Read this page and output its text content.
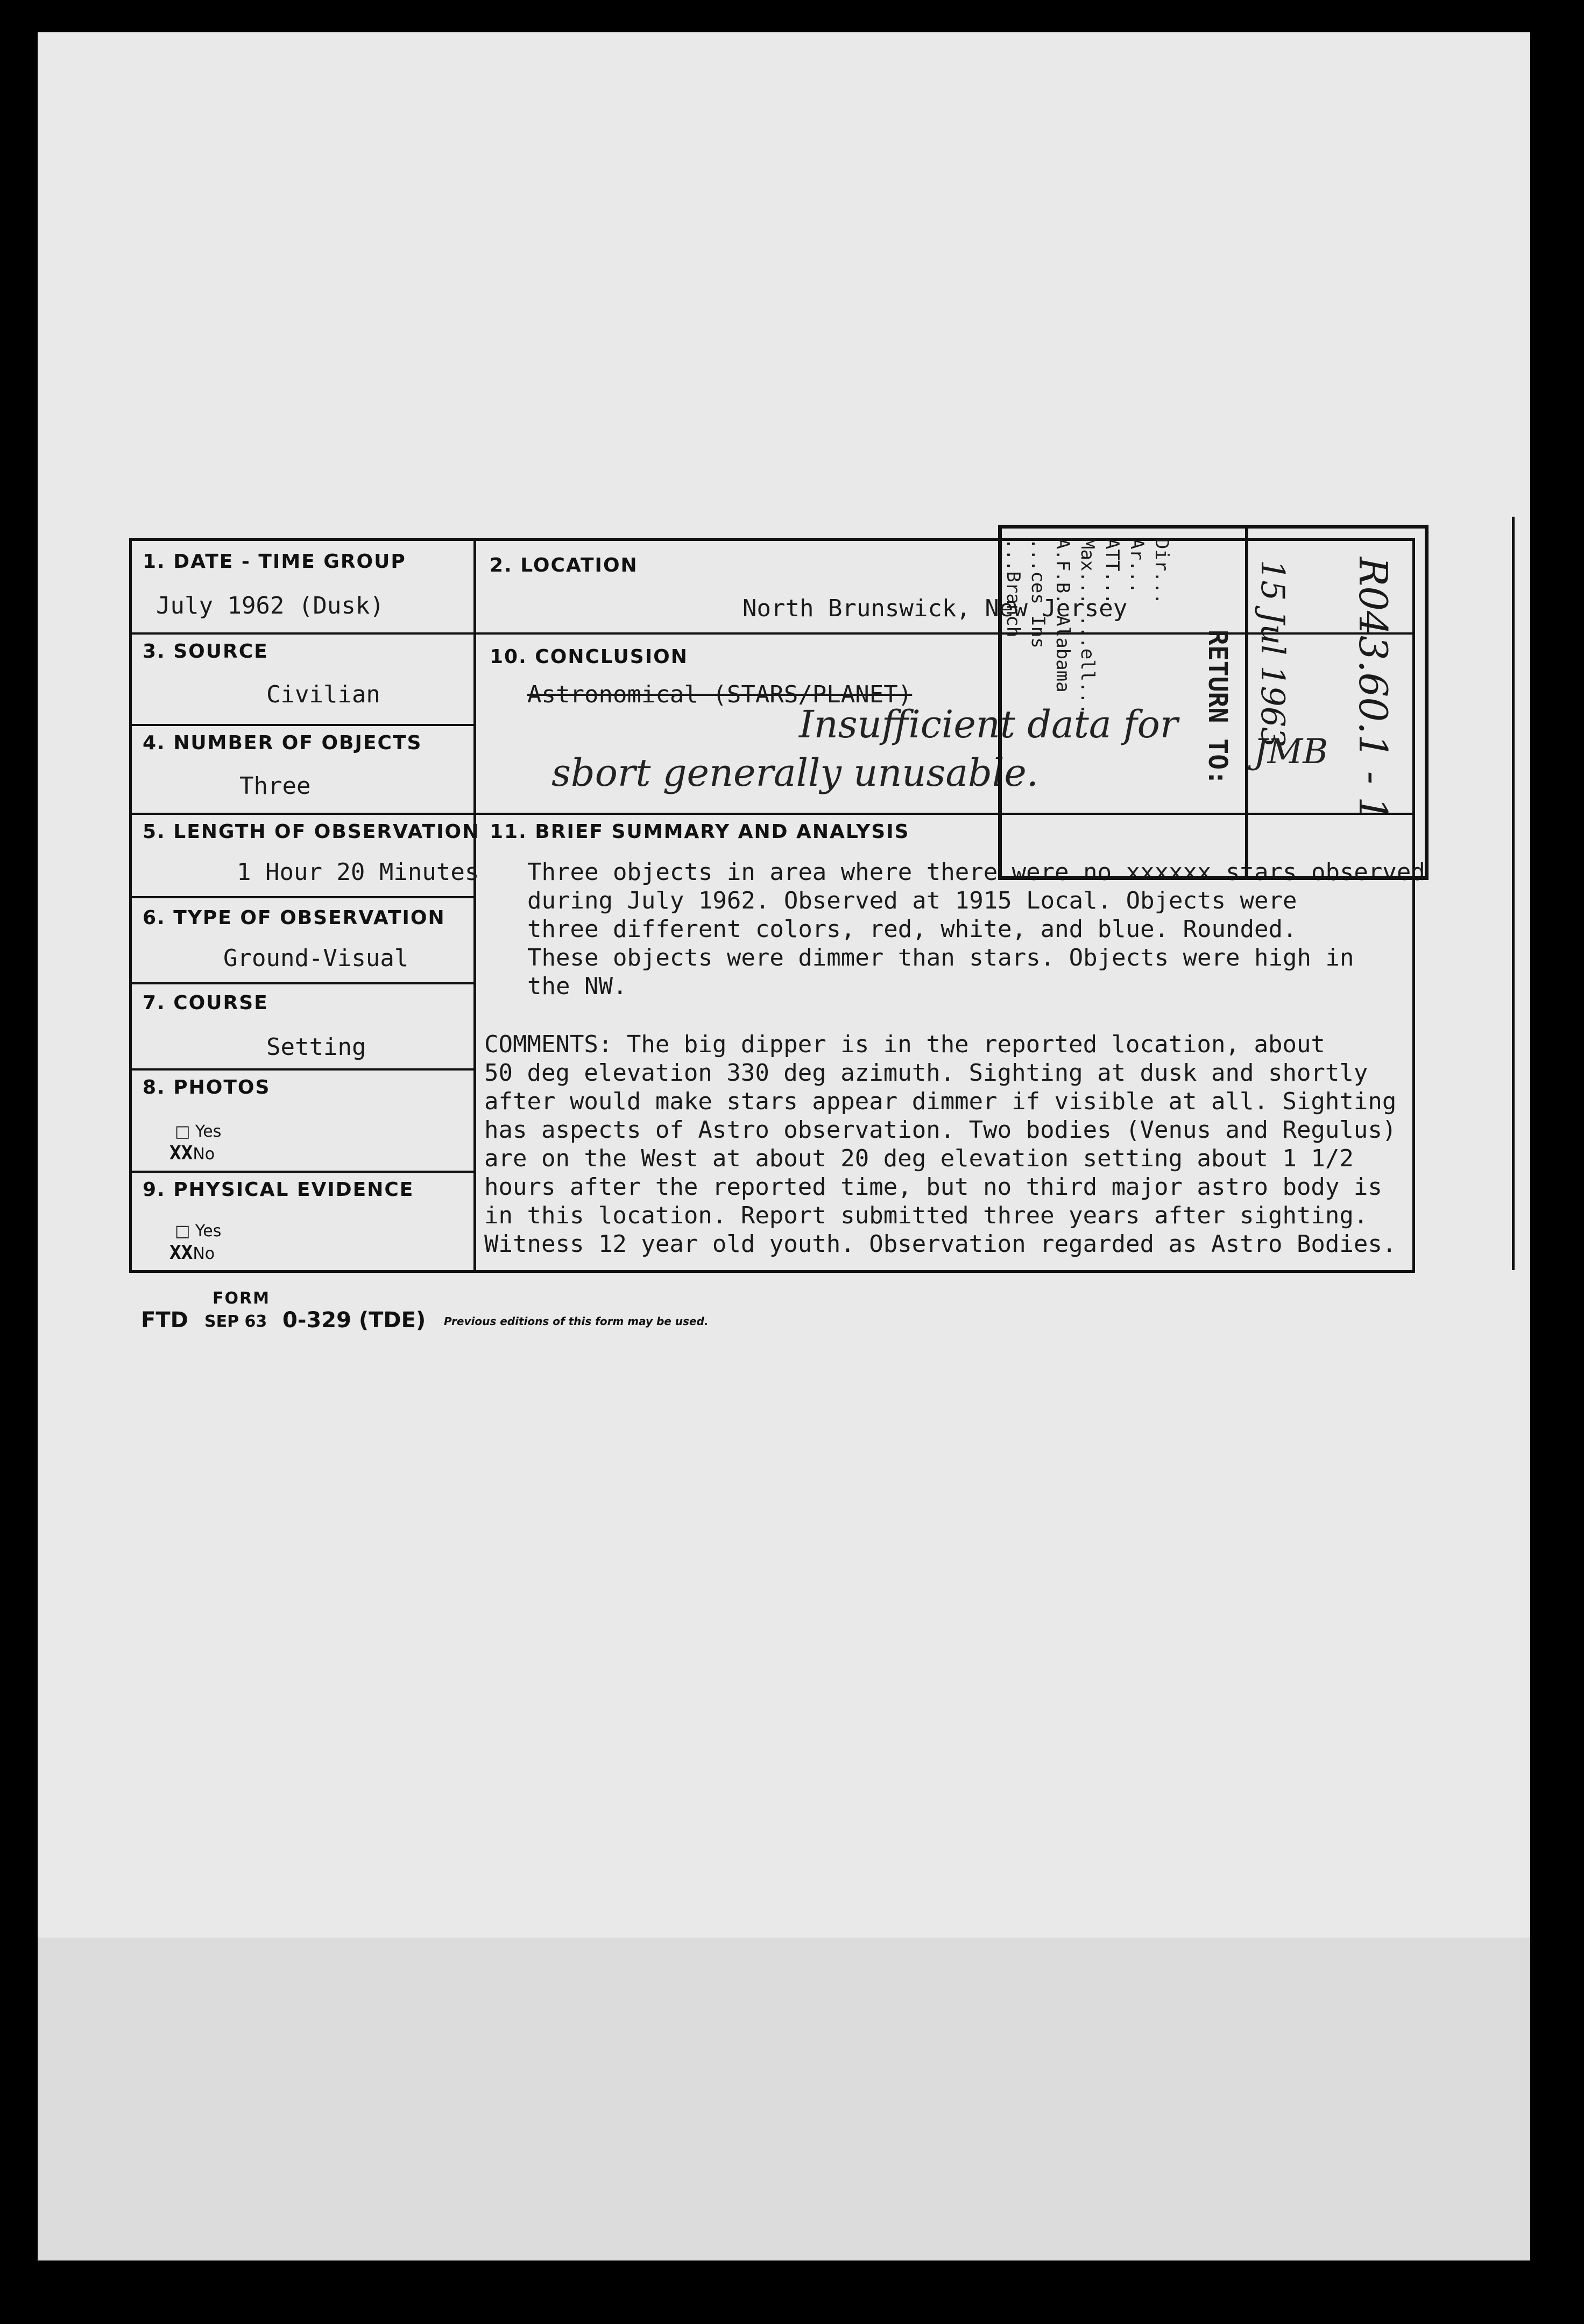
1. DATE - TIME GROUP
July 1962 (Dusk)
2. LOCATION
North Brunswick, New Jersey
3. SOURCE
Civilian
10. CONCLUSION
Astronomical (STARS/PLANET)
Insufficient data for
sbort generally unusable.
4. NUMBER OF OBJECTS
Three
5. LENGTH OF OBSERVATION
1 Hour 20 Minutes
11. BRIEF SUMMARY AND ANALYSIS
Three objects in area where there were no xxxxxx stars observed
during July 1962. Observed at 1915 Local. Objects were
three different colors, red, white, and blue. Rounded.
These objects were dimmer than stars. Objects were high in
the NW.
COMMENTS: The big dipper is in the reported location, about
50 deg elevation 330 deg azimuth. Sighting at dusk and shortly
after would make stars appear dimmer if visible at all. Sighting
has aspects of Astro observation. Two bodies (Venus and Regulus)
are on the West at about 20 deg elevation setting about 1 1/2
hours after the reported time, but no third major astro body is
in this location. Report submitted three years after sighting.
Witness 12 year old youth. Observation regarded as Astro Bodies.
6. TYPE OF OBSERVATION
Ground-Visual
7. COURSE
Setting
8. PHOTOS
□ Yes
XXNo
9. PHYSICAL EVIDENCE
□ Yes
XXNo
Dir...
Ar...
ATT...
Max... ...ell...
A.F.B. Alabama
...ces Ins
...Branch
RETURN TO: 15 Jul 1963 R043.60.1 - 1
JMB
FORM
FTD SEP 63 0-329 (TDE) Previous editions of this form may be used.
